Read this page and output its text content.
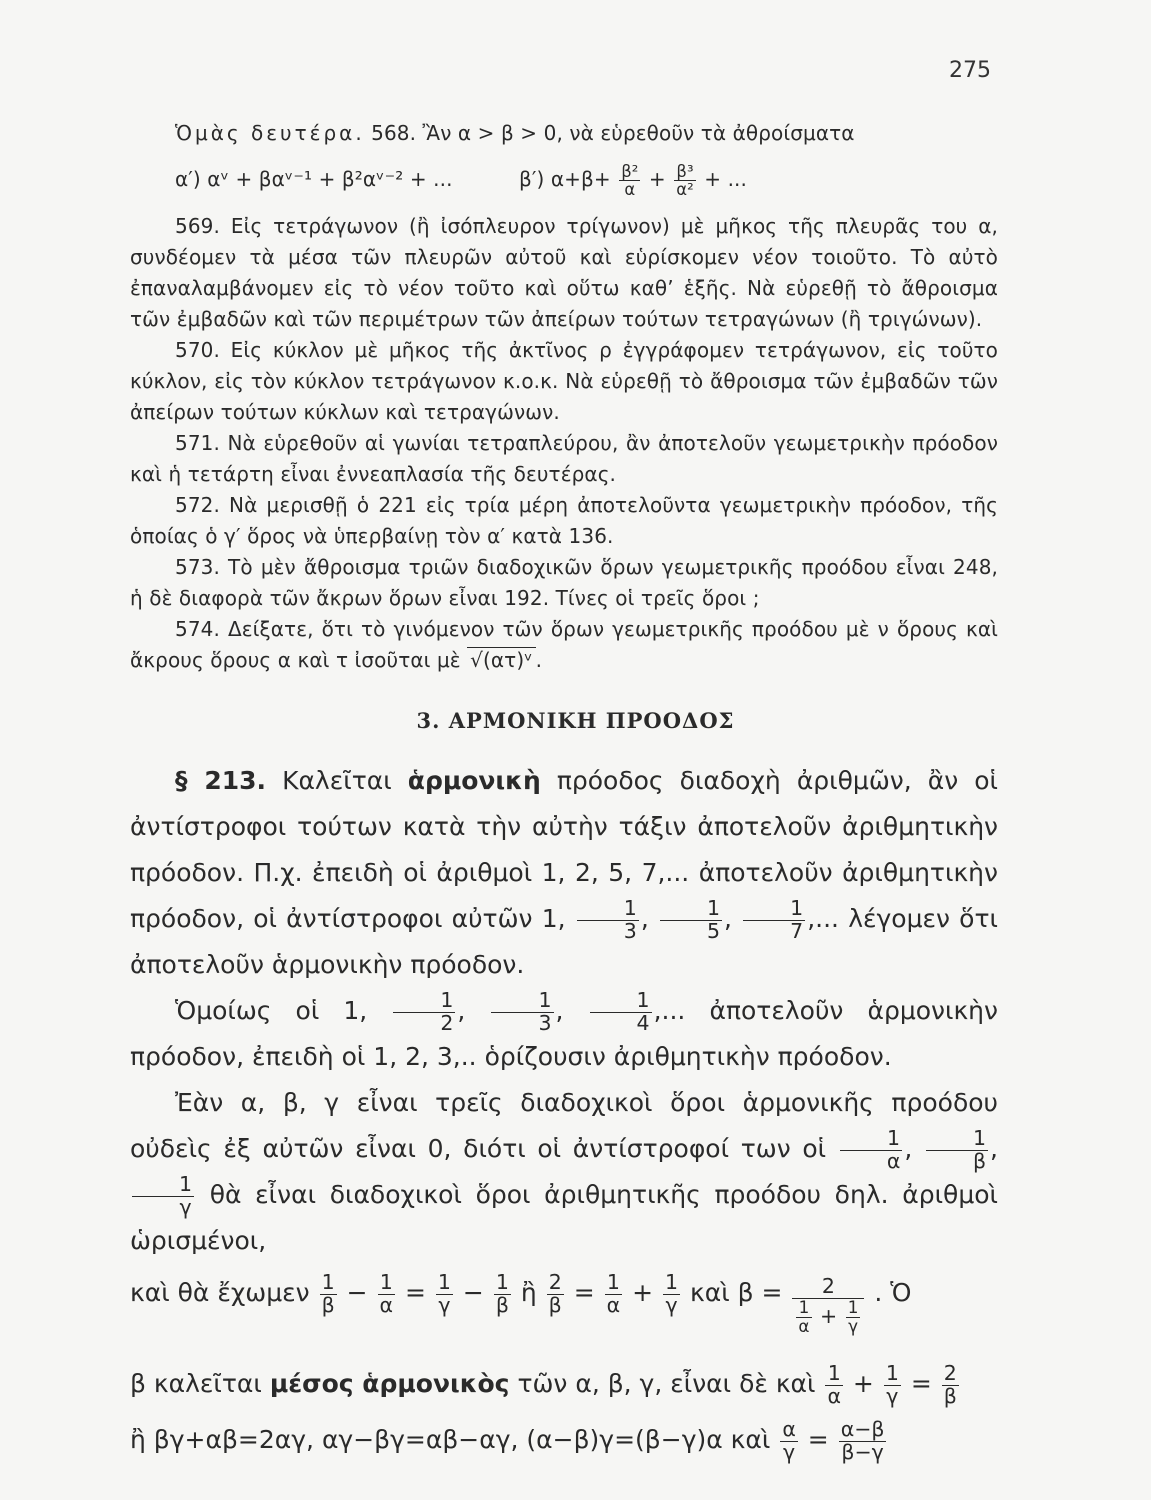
275

Ὁμὰς δευτέρα. 568. Ἂν α > β > 0, νὰ εὑρεθοῦν τὰ ἀθροίσματα

α′) αᵛ + βαᵛ⁻¹ + β²αᵛ⁻² + ...	β′) $\alpha+\beta+ \frac{\text{β²}}{\alpha} + \frac{\text{β³}}{\text{α²}}$ + ...

569. Εἰς τετράγωνον (ἢ ἰσόπλευρον τρίγωνον) μὲ μῆκος τῆς πλευρᾶς του α, συνδέομεν τὰ μέσα τῶν πλευρῶν αὐτοῦ καὶ εὑρίσκομεν νέον τοιοῦτο. Τὸ αὐτὸ ἐπαναλαμβάνομεν εἰς τὸ νέον τοῦτο καὶ οὕτω καθ’ ἑξῆς. Νὰ εὑρεθῇ τὸ ἄθροισμα τῶν ἐμβαδῶν καὶ τῶν περιμέτρων τῶν ἀπείρων τούτων τετραγώνων (ἢ τριγώνων).

570. Εἰς κύκλον μὲ μῆκος τῆς ἀκτῖνος ρ ἐγγράφομεν τετράγωνον, εἰς τοῦτο κύκλον, εἰς τὸν κύκλον τετράγωνον κ.ο.κ. Νὰ εὑρεθῇ τὸ ἄθροισμα τῶν ἐμβαδῶν τῶν ἀπείρων τούτων κύκλων καὶ τετραγώνων.

571. Νὰ εὑρεθοῦν αἱ γωνίαι τετραπλεύρου, ἂν ἀποτελοῦν γεωμετρικὴν πρόοδον καὶ ἡ τετάρτη εἶναι ἐννεαπλασία τῆς δευτέρας.

572. Νὰ μερισθῇ ὁ 221 εἰς τρία μέρη ἀποτελοῦντα γεωμετρικὴν πρόοδον, τῆς ὁποίας ὁ γ′ ὅρος νὰ ὑπερβαίνῃ τὸν α′ κατὰ 136.

573. Τὸ μὲν ἄθροισμα τριῶν διαδοχικῶν ὅρων γεωμετρικῆς προόδου εἶναι 248, ἡ δὲ διαφορὰ τῶν ἄκρων ὅρων εἶναι 192. Τίνες οἱ τρεῖς ὅροι ;

574. Δείξατε, ὅτι τὸ γινόμενον τῶν ὅρων γεωμετρικῆς προόδου μὲ ν ὅρους καὶ ἄκρους ὅρους α καὶ τ ἰσοῦται μὲ √(ατ)ᵛ .

3. ΑΡΜΟΝΙΚΗ ΠΡΟΟΔΟΣ

§ 213. Καλεῖται ἁρμονικὴ πρόοδος διαδοχὴ ἀριθμῶν, ἂν οἱ ἀντίστροφοι τούτων κατὰ τὴν αὐτὴν τάξιν ἀποτελοῦν ἀριθμητικὴν πρόοδον. Π.χ. ἐπειδὴ οἱ ἀριθμοὶ 1, 2, 5, 7,... ἀποτελοῦν ἀριθμητικὴν πρόοδον, οἱ ἀντίστροφοι αὐτῶν 1, $\frac{1}{3}$ , $\frac{1}{5}$ , $\frac{1}{7}$ ,... λέγομεν ὅτι ἀποτελοῦν ἁρμονικὴν πρόοδον.

Ὁμοίως οἱ 1, $\frac{1}{2}$ , $\frac{1}{3}$ , $\frac{1}{4}$ ,... ἀποτελοῦν ἁρμονικὴν πρόοδον, ἐπειδὴ οἱ 1, 2, 3,.. ὁρίζουσιν ἀριθμητικὴν πρόοδον.

Ἐὰν α, β, γ εἶναι τρεῖς διαδοχικοὶ ὅροι ἁρμονικῆς προόδου οὐδεὶς ἐξ αὐτῶν εἶναι 0, διότι οἱ ἀντίστροφοί των οἱ $\frac{1}{\alpha}$ , $\frac{1}{\beta}$ ,
$\frac{1}{\gamma}$ θὰ εἶναι διαδοχικοὶ ὅροι ἀριθμητικῆς προόδου δηλ. ἀριθμοὶ ὡρισμένοι,

καὶ θὰ ἔχωμεν $\frac{1}{\beta} - \frac{1}{\alpha} = \frac{1}{\gamma} - \frac{1}{\beta}$ ἢ $\frac{2}{\beta} = \frac{1}{\alpha} + \frac{1}{\gamma}$ καὶ $\beta = \frac{2}{\frac{1}{\alpha} + \frac{1}{\gamma}}$ . Ὁ
β καλεῖται μέσος ἁρμονικὸς τῶν α, β, γ, εἶναι δὲ καὶ $\frac{1}{\alpha} + \frac{1}{\gamma} = \frac{2}{\beta}$
ἢ βγ+αβ=2αγ, αγ−βγ=αβ−αγ, (α−β)γ=(β−γ)α καὶ $\frac{\alpha}{\gamma} = \frac{\alpha-\beta}{\beta-\gamma}$
